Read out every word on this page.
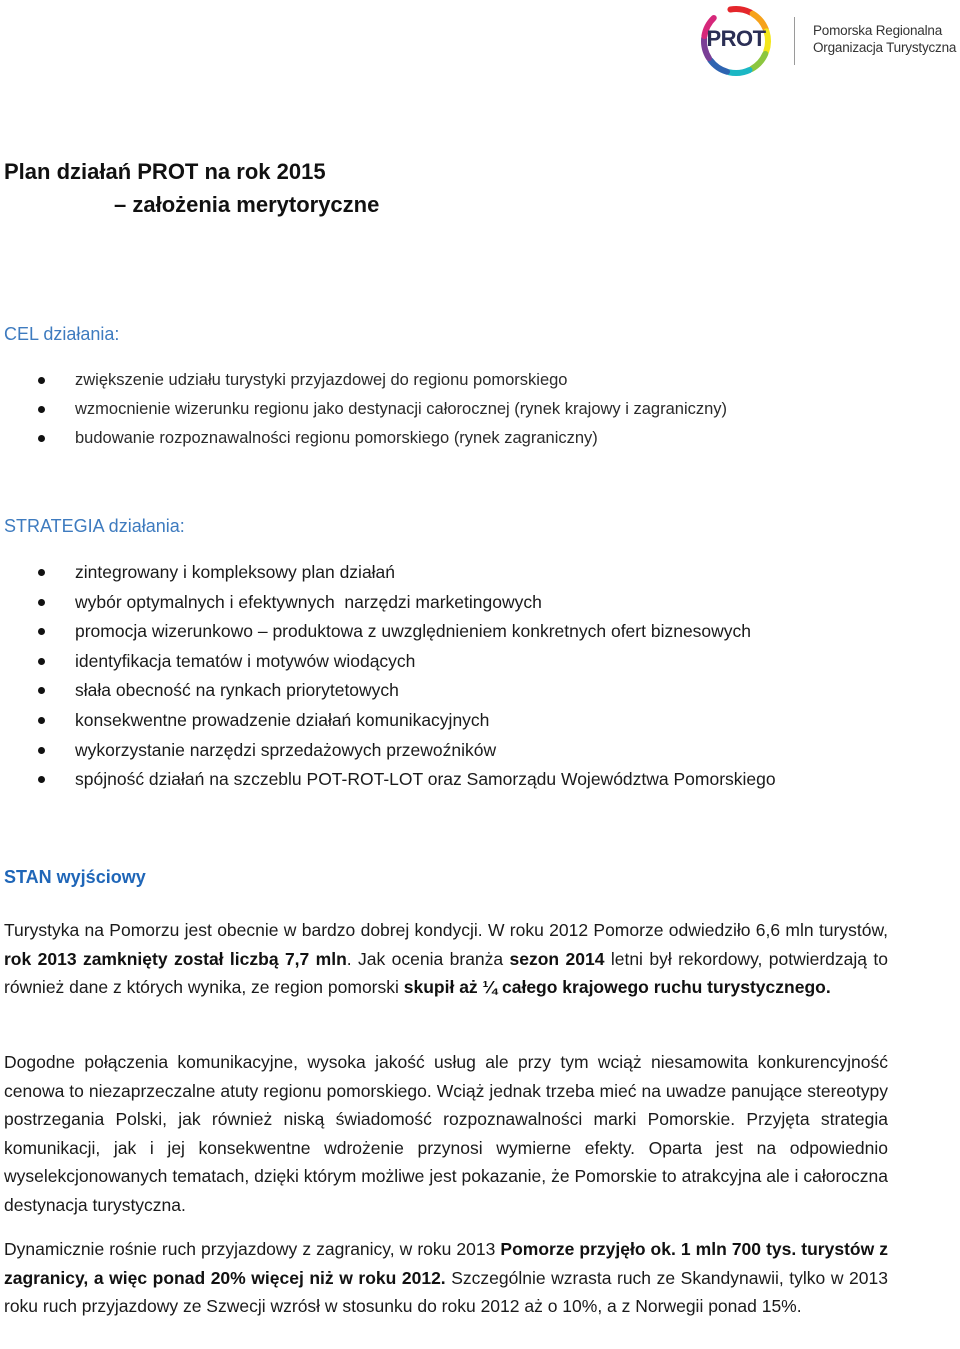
PROT	Pomorska Regionalna
Organizacja Turystyczna
Plan działań PROT na rok 2015
– założenia merytoryczne
CEL działania:
zwiększenie udziału turystyki przyjazdowej do regionu pomorskiego
wzmocnienie wizerunku regionu jako destynacji całorocznej (rynek krajowy i zagraniczny)
budowanie rozpoznawalności regionu pomorskiego (rynek zagraniczny)
STRATEGIA działania:
zintegrowany i kompleksowy plan działań
wybór optymalnych i efektywnych  narzędzi marketingowych
promocja wizerunkowo – produktowa z uwzględnieniem konkretnych ofert biznesowych
identyfikacja tematów i motywów wiodących
słała obecność na rynkach priorytetowych
konsekwentne prowadzenie działań komunikacyjnych
wykorzystanie narzędzi sprzedażowych przewoźników
spójność działań na szczeblu POT-ROT-LOT oraz Samorządu Województwa Pomorskiego
STAN wyjściowy

Turystyka na Pomorzu jest obecnie w bardzo dobrej kondycji. W roku 2012 Pomorze odwiedziło 6,6 mln turystów, rok 2013 zamknięty został liczbą 7,7 mln. Jak ocenia branża sezon 2014 letni był rekordowy, potwierdzają to również dane z których wynika, ze region pomorski skupił aż ¼ całego krajowego ruchu turystycznego.

Dogodne połączenia komunikacyjne, wysoka jakość usług ale przy tym wciąż niesamowita konkurencyjność cenowa to niezaprzeczalne atuty regionu pomorskiego. Wciąż jednak trzeba mieć na uwadze panujące stereotypy postrzegania Polski, jak również niską świadomość rozpoznawalności marki Pomorskie. Przyjęta strategia komunikacji, jak i jej konsekwentne wdrożenie przynosi wymierne efekty. Oparta jest na odpowiednio wyselekcjonowanych tematach, dzięki którym możliwe jest pokazanie, że Pomorskie to atrakcyjna ale i całoroczna destynacja turystyczna.

Dynamicznie rośnie ruch przyjazdowy z zagranicy, w roku 2013 Pomorze przyjęło ok. 1 mln 700 tys. turystów z zagranicy, a więc ponad 20% więcej niż w roku 2012. Szczególnie wzrasta ruch ze Skandynawii, tylko w 2013 roku ruch przyjazdowy ze Szwecji wzrósł w stosunku do roku 2012 aż o 10%, a z Norwegii ponad 15%.
